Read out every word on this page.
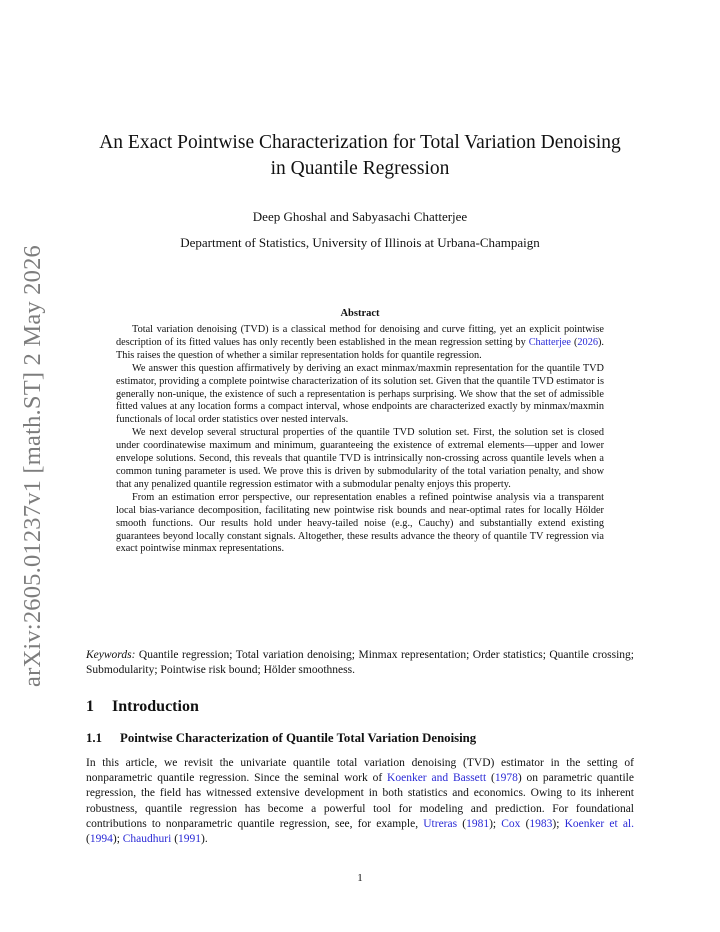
arXiv:2605.01237v1 [math.ST] 2 May 2026
An Exact Pointwise Characterization for Total Variation Denoising
in Quantile Regression
Deep Ghoshal and Sabyasachi Chatterjee
Department of Statistics, University of Illinois at Urbana-Champaign
Abstract

Total variation denoising (TVD) is a classical method for denoising and curve fitting, yet an explicit pointwise description of its fitted values has only recently been established in the mean regression setting by Chatterjee (2026). This raises the question of whether a similar representation holds for quantile regression.

We answer this question affirmatively by deriving an exact minmax/maxmin representation for the quantile TVD estimator, providing a complete pointwise characterization of its solution set. Given that the quantile TVD estimator is generally non-unique, the existence of such a representation is perhaps surprising. We show that the set of admissible fitted values at any location forms a compact interval, whose endpoints are characterized exactly by minmax/maxmin functionals of local order statistics over nested intervals.

We next develop several structural properties of the quantile TVD solution set. First, the solution set is closed under coordinatewise maximum and minimum, guaranteeing the existence of extremal elements—upper and lower envelope solutions. Second, this reveals that quantile TVD is intrinsically non-crossing across quantile levels when a common tuning parameter is used. We prove this is driven by submodularity of the total variation penalty, and show that any penalized quantile regression estimator with a submodular penalty enjoys this property.

From an estimation error perspective, our representation enables a refined pointwise analysis via a transparent local bias-variance decomposition, facilitating new pointwise risk bounds and near-optimal rates for locally Hölder smooth functions. Our results hold under heavy-tailed noise (e.g., Cauchy) and substantially extend existing guarantees beyond locally constant signals. Altogether, these results advance the theory of quantile TV regression via exact pointwise minmax representations.

Keywords: Quantile regression; Total variation denoising; Minmax representation; Order statistics; Quantile crossing; Submodularity; Pointwise risk bound; Hölder smoothness.

1 Introduction
1.1 Pointwise Characterization of Quantile Total Variation Denoising

In this article, we revisit the univariate quantile total variation denoising (TVD) estimator in the setting of nonparametric quantile regression. Since the seminal work of Koenker and Bassett (1978) on parametric quantile regression, the field has witnessed extensive development in both statistics and economics. Owing to its inherent robustness, quantile regression has become a powerful tool for modeling and prediction. For foundational contributions to nonparametric quantile regression, see, for example, Utreras (1981); Cox (1983); Koenker et al. (1994); Chaudhuri (1991).

1
